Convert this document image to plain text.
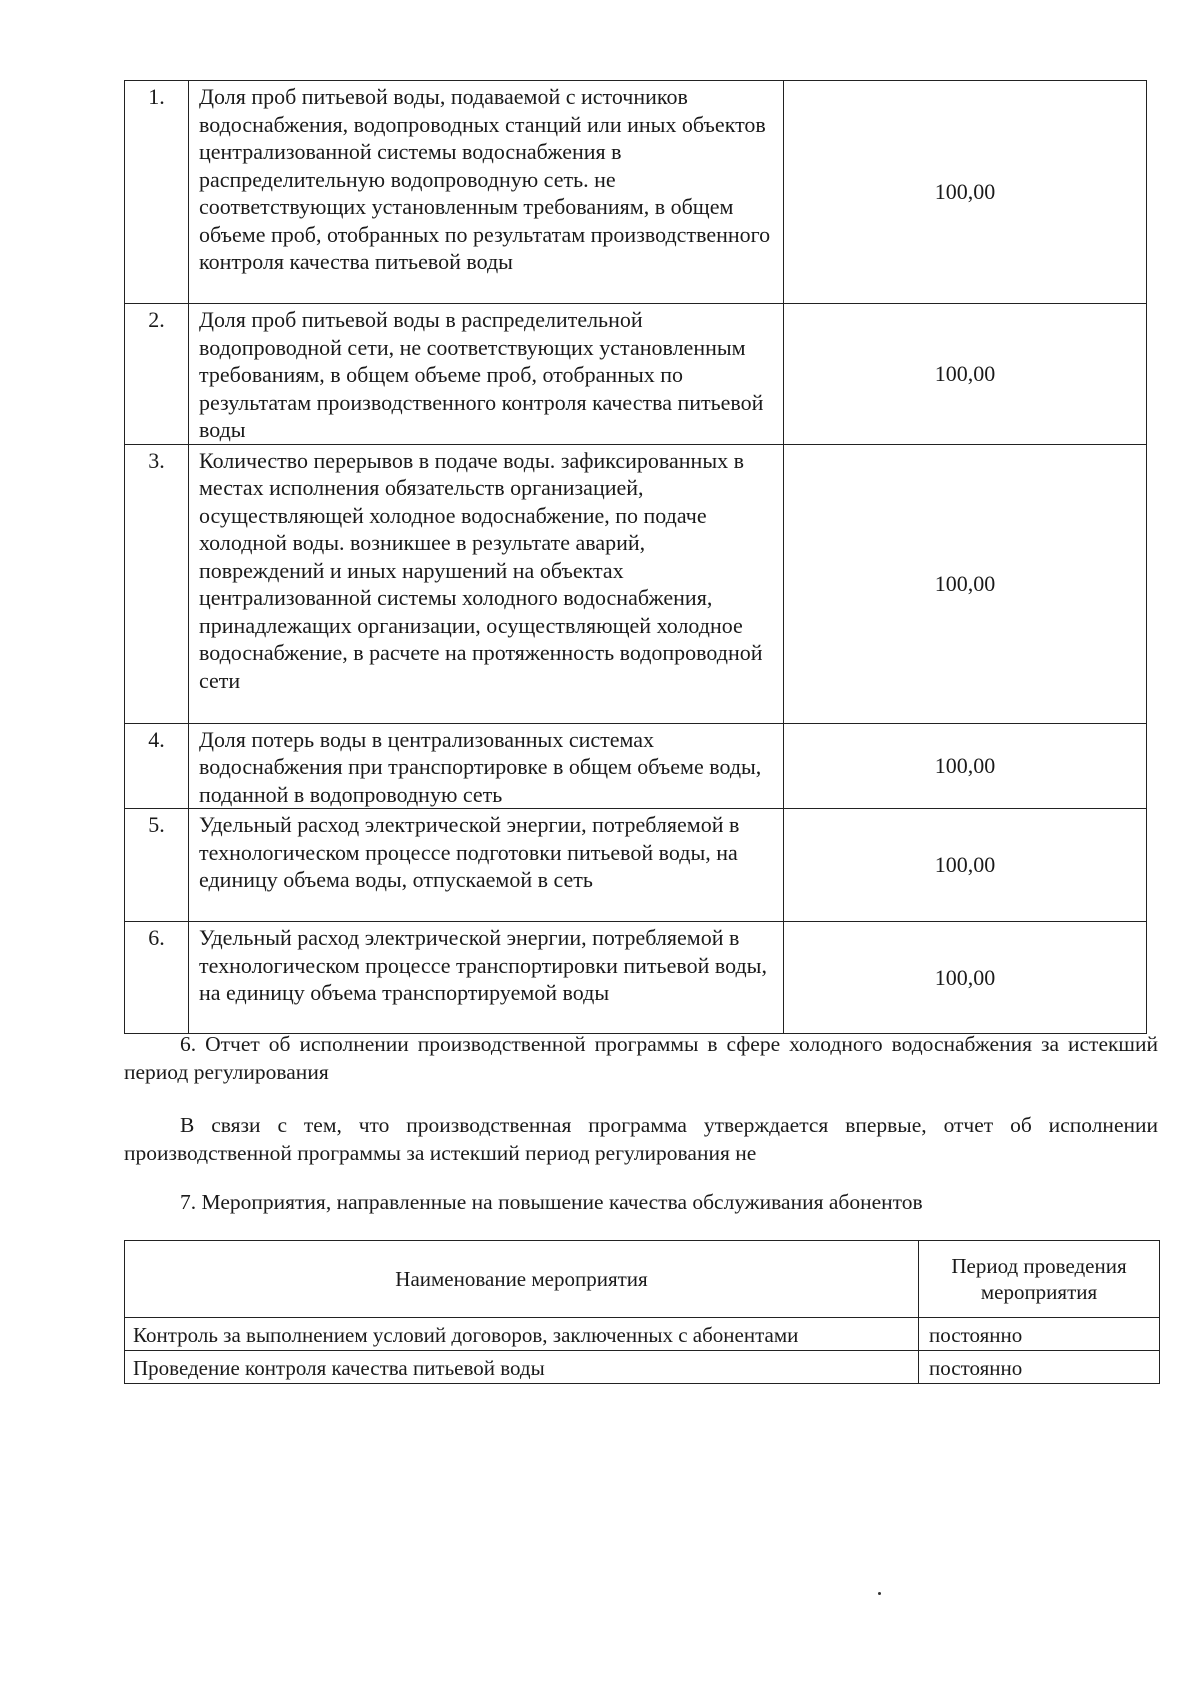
1.	Доля проб питьевой воды, подаваемой с источников водоснабжения, водопроводных станций или иных объектов централизованной системы водоснабжения в распределительную водопроводную сеть. не соответствующих установленным требованиям, в общем объеме проб, отобранных по результатам производственного контроля качества питьевой воды	100,00
2.	Доля проб питьевой воды в распределительной водопроводной сети, не соответствующих установленным требованиям, в общем объеме проб, отобранных по результатам производственного контроля качества питьевой воды	100,00
3.	Количество перерывов в подаче воды. зафиксированных в местах исполнения обязательств организацией, осуществляющей холодное водоснабжение, по подаче холодной воды. возникшее в результате аварий, повреждений и иных нарушений на объектах централизованной системы холодного водоснабжения, принадлежащих организации, осуществляющей холодное водоснабжение, в расчете на протяженность водопроводной сети	100,00
4.	Доля потерь воды в централизованных системах водоснабжения при транспортировке в общем объеме воды, поданной в водопроводную сеть	100,00
5.	Удельный расход электрической энергии, потребляемой в технологическом процессе подготовки питьевой воды, на единицу объема воды, отпускаемой в сеть	100,00
6.	Удельный расход электрической энергии, потребляемой в технологическом процессе транспортировки питьевой воды, на единицу объема транспортируемой воды	100,00

6. Отчет об исполнении производственной программы в сфере холодного водоснабжения за истекший период регулирования

В связи с тем, что производственная программа утверждается впервые, отчет об исполнении производственной программы за истекший период регулирования не

7. Мероприятия, направленные на повышение качества обслуживания абонентов

Наименование мероприятия	Период проведения мероприятия
Контроль за выполнением условий договоров, заключенных с абонентами	постоянно
Проведение контроля качества питьевой воды	постоянно
